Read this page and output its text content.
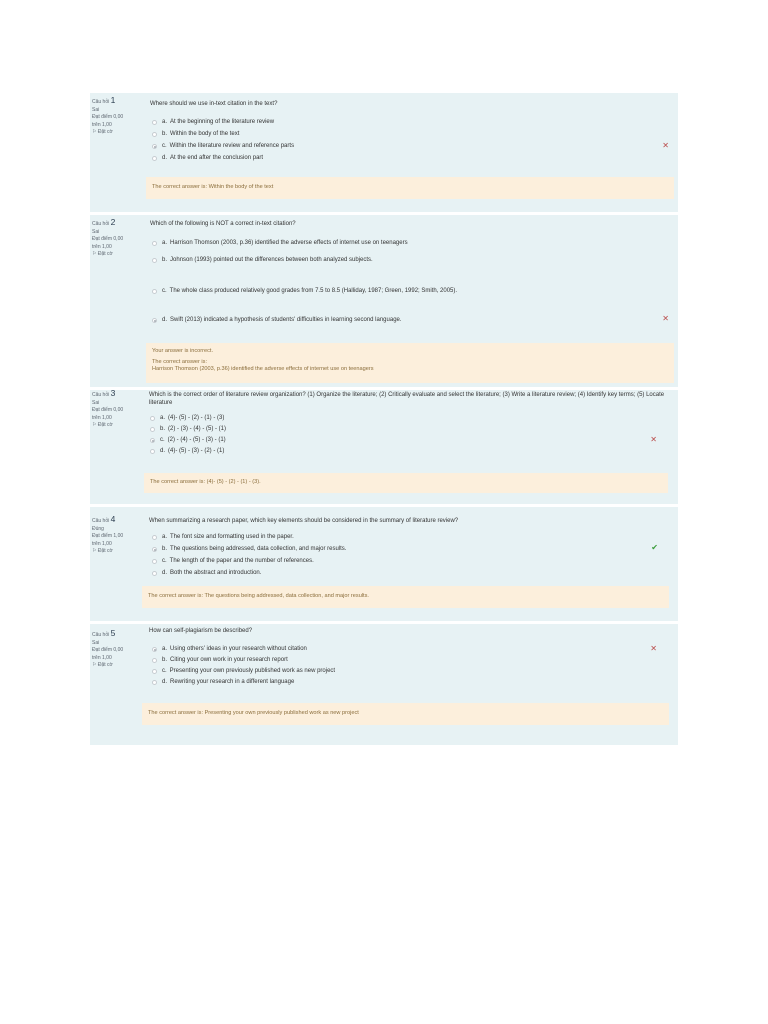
Câu hỏi 1
Sai
Đạt điểm 0,00
trên 1,00
⚐ Đặt cờ
Where should we use in-text citation in the text?
a. At the beginning of the literature review
b. Within the body of the text
c. Within the literature review and reference parts
d. At the end after the conclusion part
✕
The correct answer is: Within the body of the text
Câu hỏi 2
Sai
Đạt điểm 0,00
trên 1,00
⚐ Đặt cờ
Which of the following is NOT a correct in-text citation?
a. Harrison Thomson (2003, p.36) identified the adverse effects of internet use on teenagers
b. Johnson (1993) pointed out the differences between both analyzed subjects.
c. The whole class produced relatively good grades from 7.5 to 8.5 (Halliday, 1987; Green, 1992; Smith, 2005).
d. Swift (2013) indicated a hypothesis of students' difficulties in learning second language.	✕
Your answer is incorrect.
The correct answer is:
Harrison Thomson (2003, p.36) identified the adverse effects of internet use on teenagers
Câu hỏi 3
Sai
Đạt điểm 0,00
trên 1,00
⚐ Đặt cờ
Which is the correct order of literature review organization? (1) Organize the literature; (2) Critically evaluate and select the literature; (3) Write a literature review; (4) Identify key terms; (5) Locate literature
a. (4)- (5) - (2) - (1) - (3)
b. (2) - (3) - (4) - (5) - (1)
c. (2) - (4) - (5) - (3) - (1)
d. (4)- (5) - (3) - (2) - (1)
✕
The correct answer is: (4)- (5) - (2) - (1) - (3).
Câu hỏi 4
Đúng
Đạt điểm 1,00
trên 1,00
⚐ Đặt cờ
When summarizing a research paper, which key elements should be considered in the summary of literature review?
a. The font size and formatting used in the paper.
b. The questions being addressed, data collection, and major results.
c. The length of the paper and the number of references.
d. Both the abstract and introduction.
✔
The correct answer is: The questions being addressed, data collection, and major results.
Câu hỏi 5
Sai
Đạt điểm 0,00
trên 1,00
⚐ Đặt cờ
How can self-plagiarism be described?
a. Using others' ideas in your research without citation
b. Citing your own work in your research report
c. Presenting your own previously published work as new project
d. Rewriting your research in a different language
✕
The correct answer is: Presenting your own previously published work as new project
